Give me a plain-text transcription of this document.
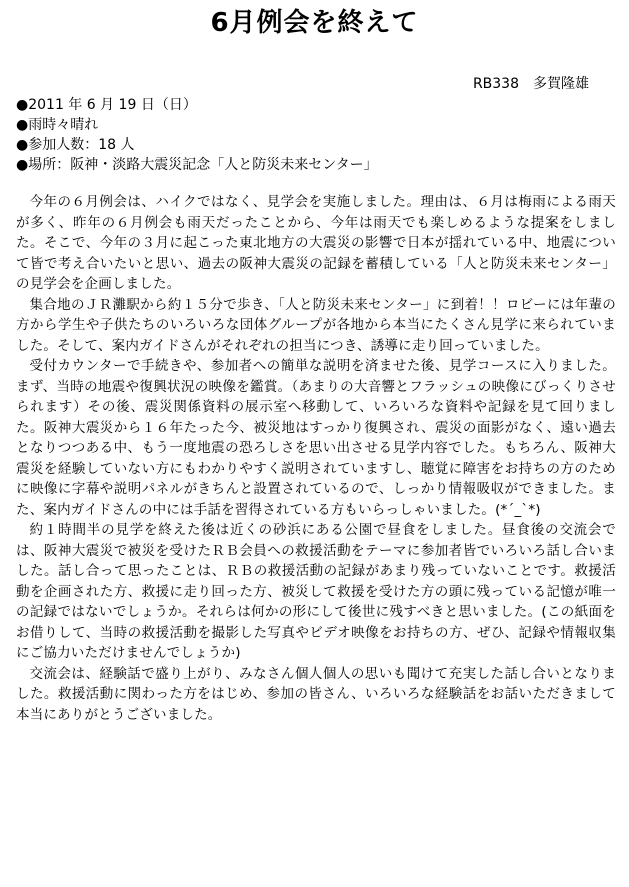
6月例会を終えて
RB338 多賀隆雄
●2011 年 6 月 19 日（日）
●雨時々晴れ
●参加人数：18 人
●場所：阪神・淡路大震災記念「人と防災未来センター」

今年の６月例会は、ハイクではなく、見学会を実施しました。理由は、６月は梅雨による雨天が多く、昨年の６月例会も雨天だったことから、今年は雨天でも楽しめるような提案をしました。そこで、今年の３月に起こった東北地方の大震災の影響で日本が揺れている中、地震について皆で考え合いたいと思い、過去の阪神大震災の記録を蓄積している「人と防災未来センター」の見学会を企画しました。

集合地のＪＲ灘駅から約１５分で歩き、「人と防災未来センター」に到着！！ロビーには年輩の方から学生や子供たちのいろいろな団体グループが各地から本当にたくさん見学に来られていました。そして、案内ガイドさんがそれぞれの担当につき、誘導に走り回っていました。

受付カウンターで手続きや、参加者への簡単な説明を済ませた後、見学コースに入りました。まず、当時の地震や復興状況の映像を鑑賞。（あまりの大音響とフラッシュの映像にびっくりさせられます）その後、震災関係資料の展示室へ移動して、いろいろな資料や記録を見て回りました。阪神大震災から１６年たった今、被災地はすっかり復興され、震災の面影がなく、遠い過去となりつつある中、もう一度地震の恐ろしさを思い出させる見学内容でした。もちろん、阪神大震災を経験していない方にもわかりやすく説明されていますし、聴覚に障害をお持ちの方のために映像に字幕や説明パネルがきちんと設置されているので、しっかり情報吸収ができました。また、案内ガイドさんの中には手話を習得されている方もいらっしゃいました。(*´_`*)

約１時間半の見学を終えた後は近くの砂浜にある公園で昼食をしました。昼食後の交流会では、阪神大震災で被災を受けたＲＢ会員への救援活動をテーマに参加者皆でいろいろ話し合いました。話し合って思ったことは、ＲＢの救援活動の記録があまり残っていないことです。救援活動を企画された方、救援に走り回った方、被災して救援を受けた方の頭に残っている記憶が唯一の記録ではないでしょうか。それらは何かの形にして後世に残すべきと思いました。(この紙面をお借りして、当時の救援活動を撮影した写真やビデオ映像をお持ちの方、ぜひ、記録や情報収集にご協力いただけませんでしょうか)

交流会は、経験話で盛り上がり、みなさん個人個人の思いも聞けて充実した話し合いとなりました。救援活動に関わった方をはじめ、参加の皆さん、いろいろな経験話をお話いただきまして本当にありがとうございました。
